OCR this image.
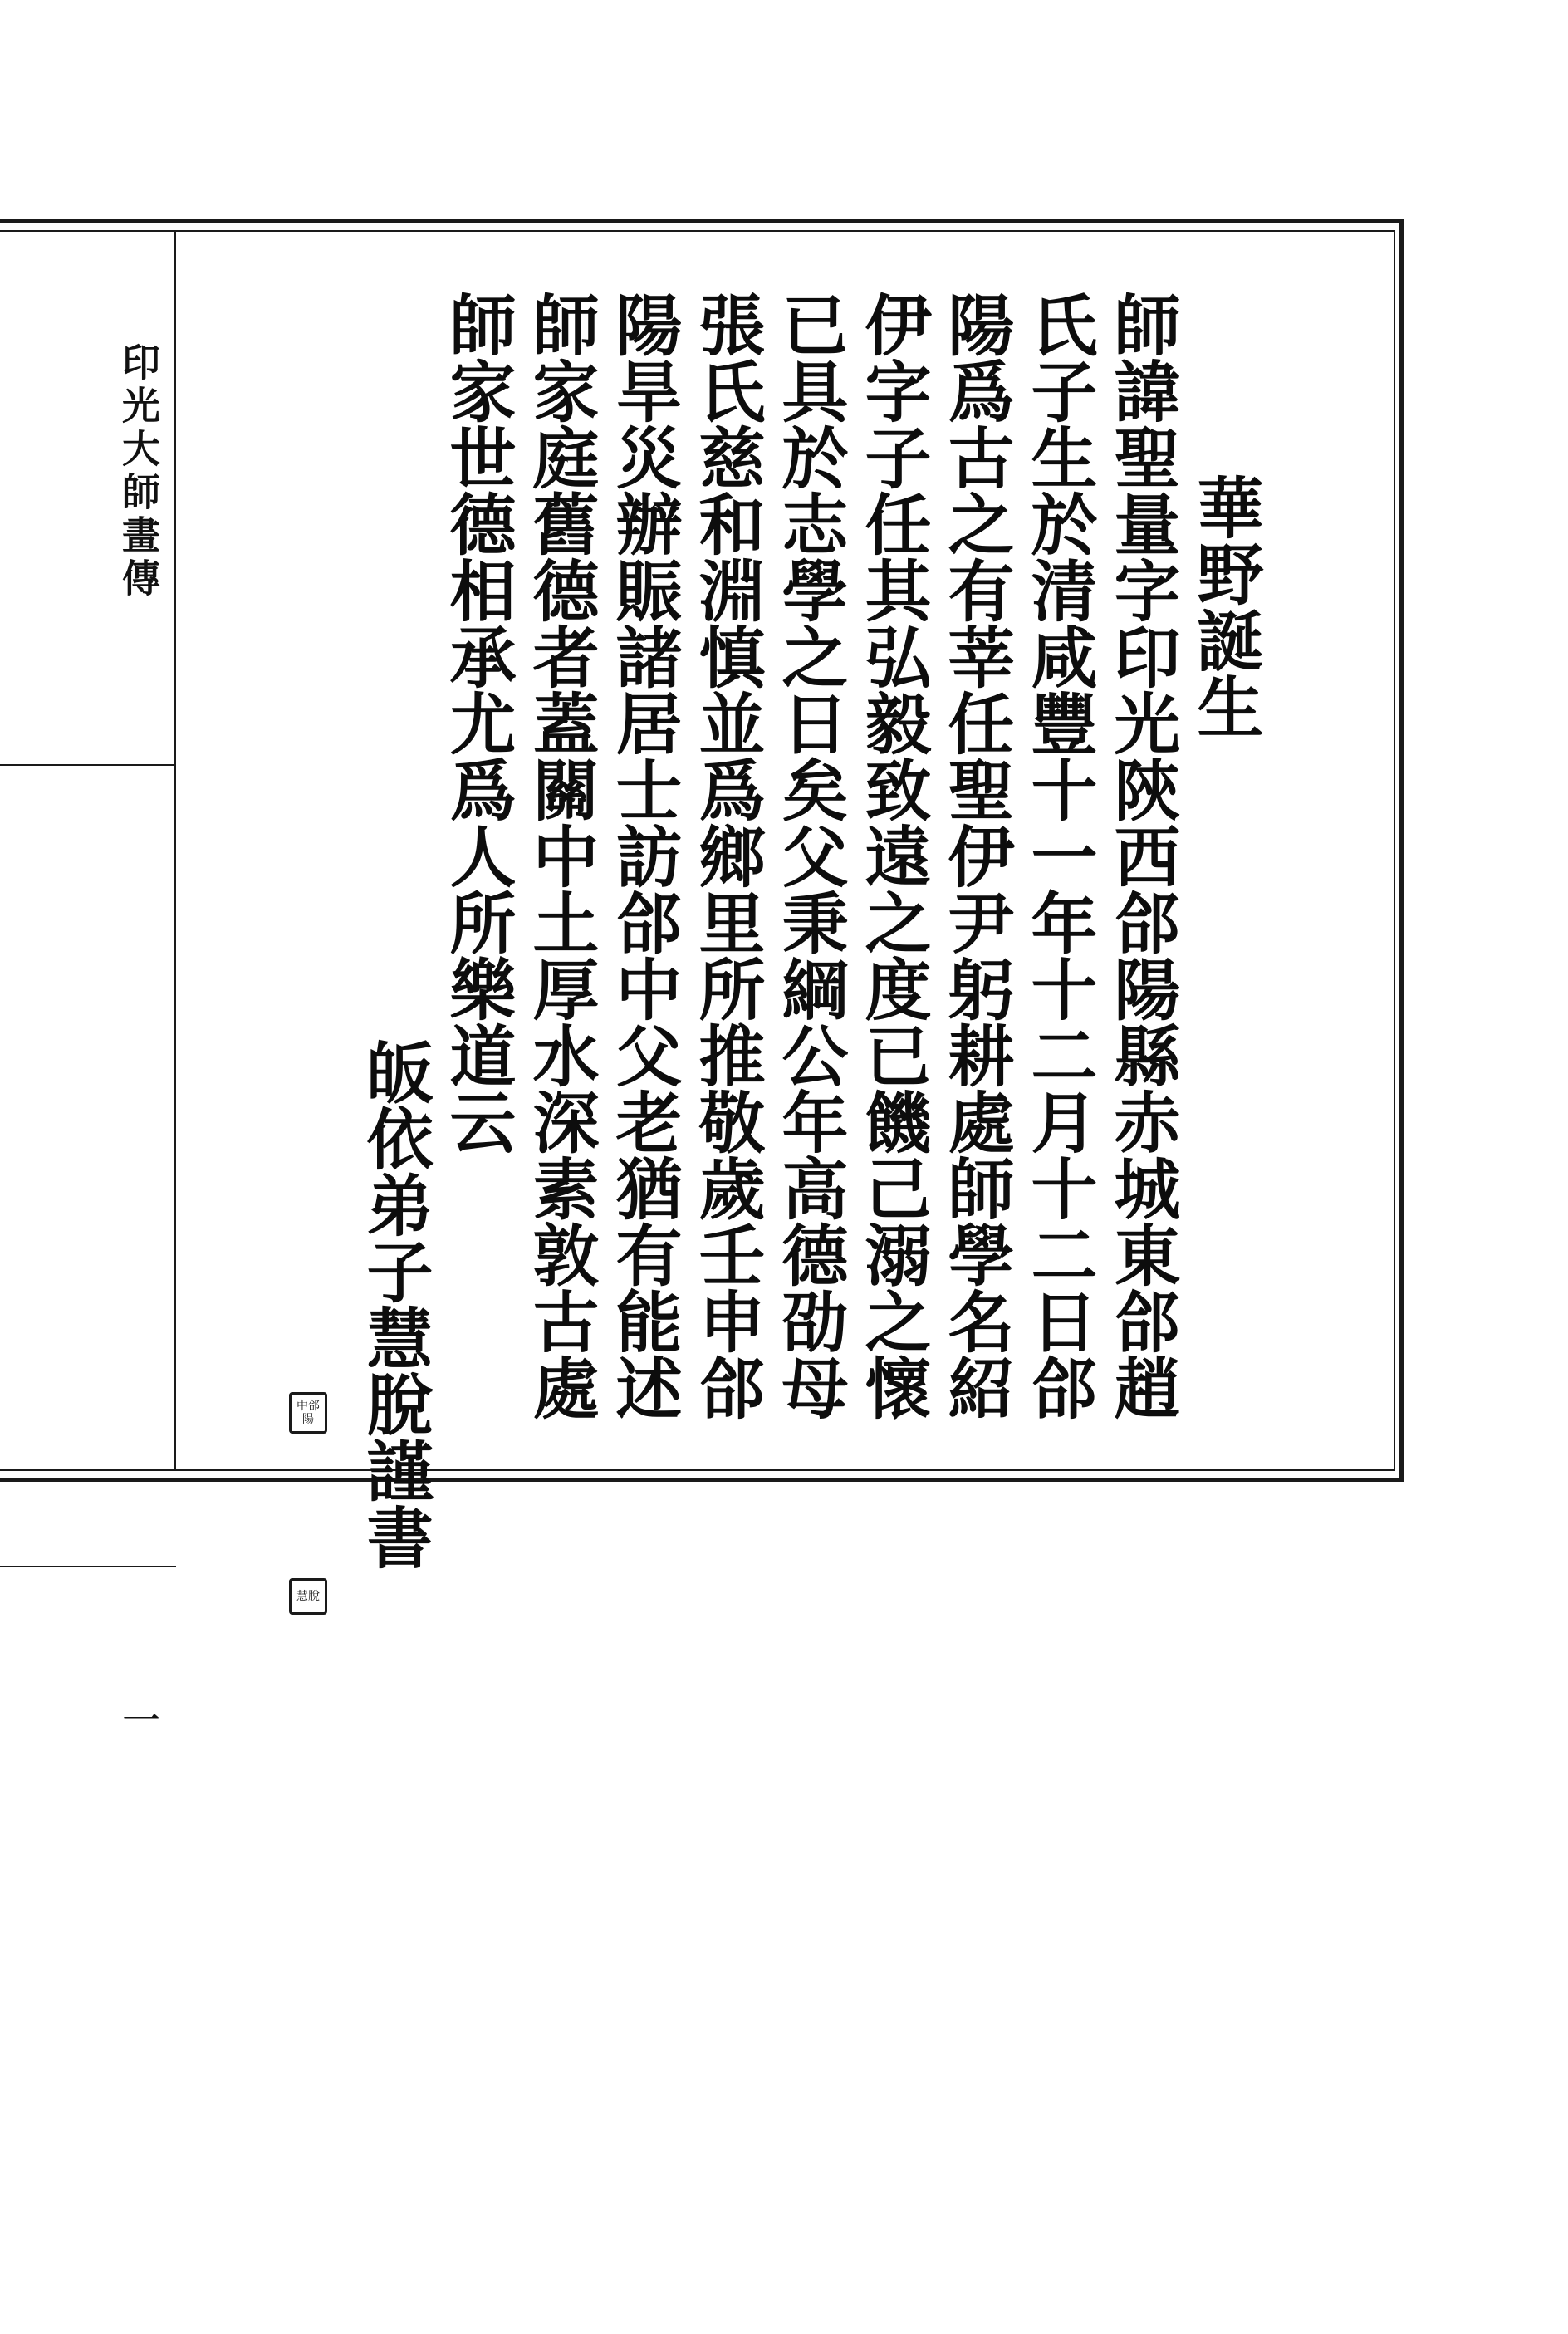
印光大師畫傳
一
華野誕生
師諱聖量字印光陝西郃陽縣赤城東郃趙
氏子生於清咸豐十一年十二月十二日郃
陽爲古之有莘任聖伊尹躬耕處師學名紹
伊字子任其弘毅致遠之度已饑己溺之懷
已具於志學之日矣父秉綱公年高德劭母
張氏慈和淵慎並爲鄉里所推敬歲壬申郃
陽旱災辦賑諸居士訪郃中父老猶有能述
師家庭舊德者蓋關中土厚水深素敦古處
師家世德相承尤爲人所樂道云
皈依弟子慧脫謹書
中郃陽
慧脫
